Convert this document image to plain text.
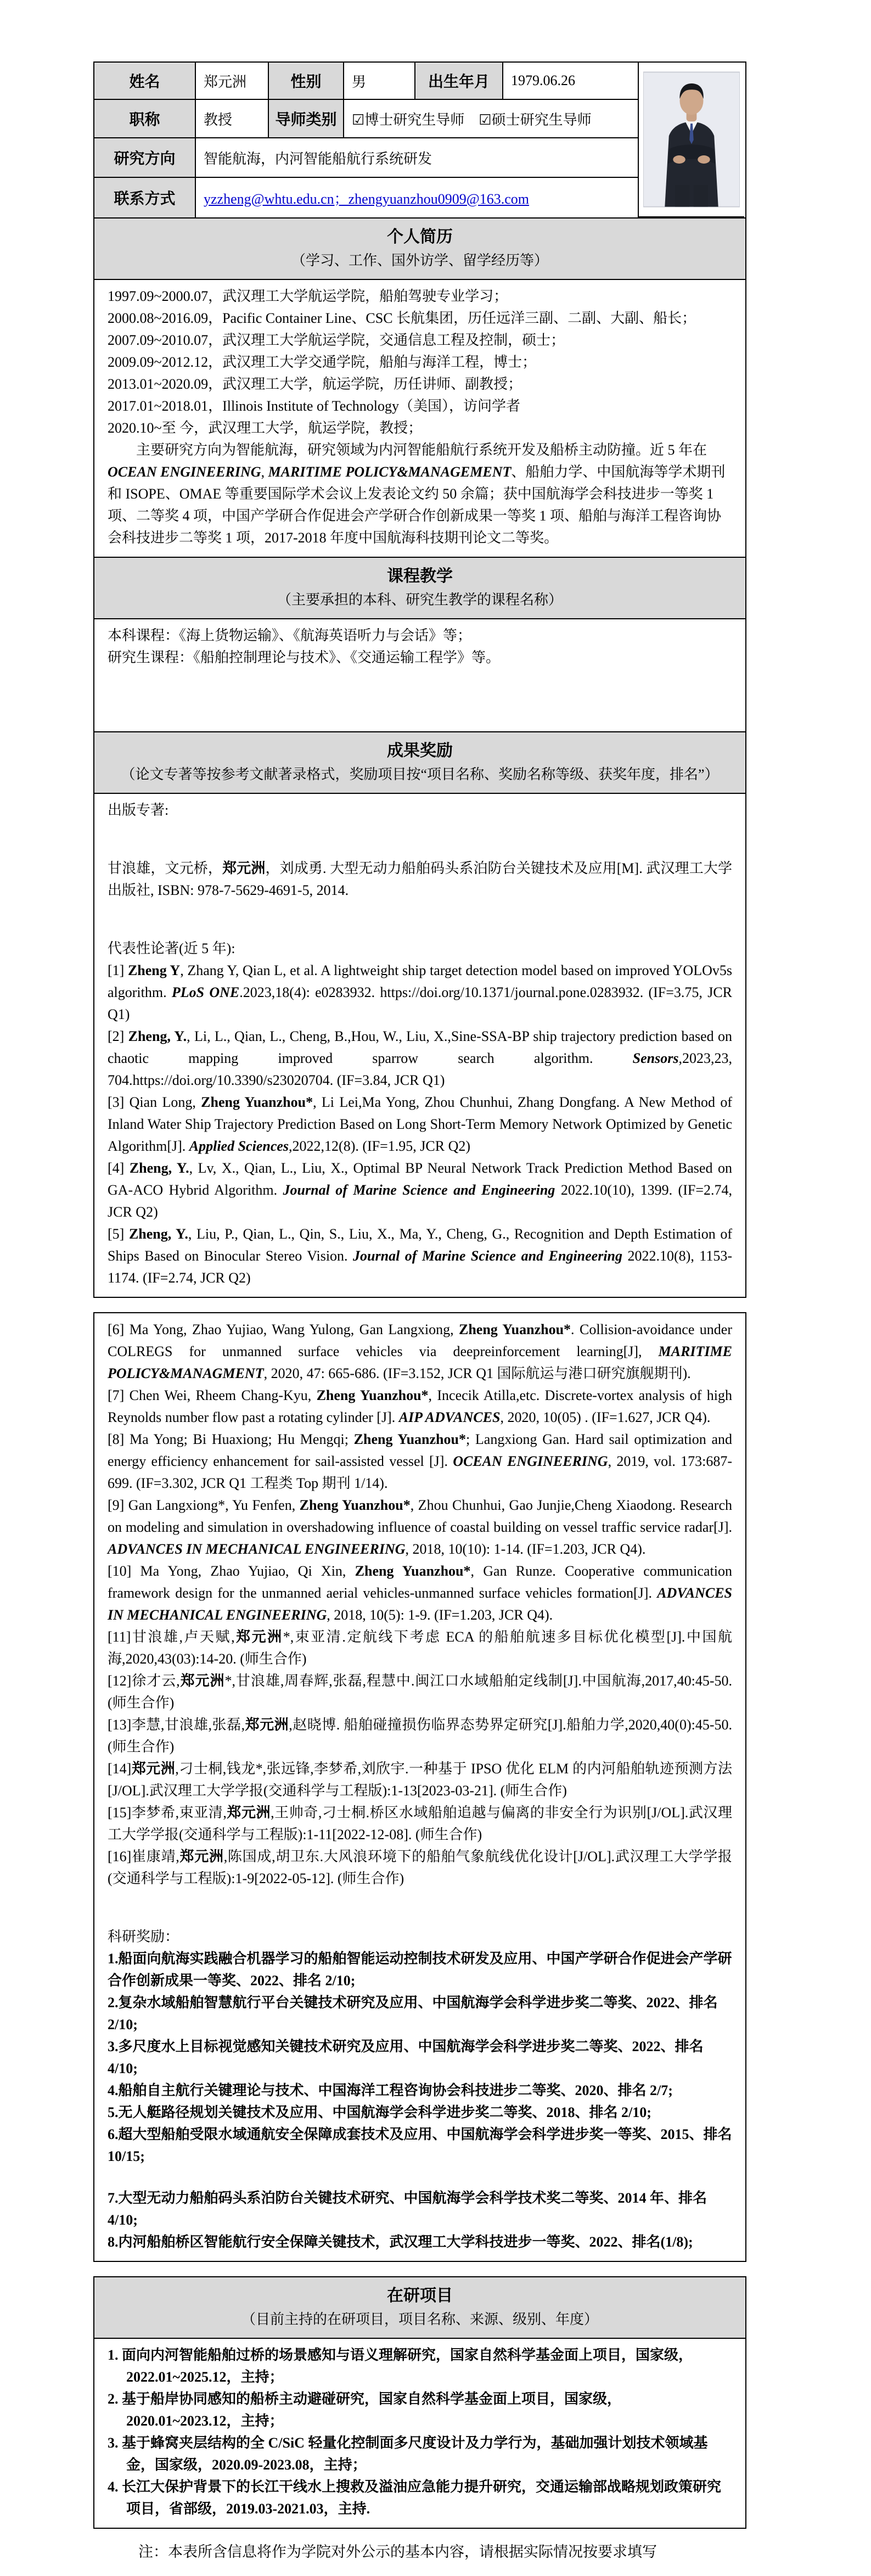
姓名	郑元洲	性别	男	出生年月	1979.06.26
职称	教授	导师类别	☑博士研究生导师　☑硕士研究生导师
研究方向	智能航海，内河智能船航行系统研发
联系方式	yzzheng@whtu.edu.cn；zhengyuanzhou0909@163.com
个人简历
（学习、工作、国外访学、留学经历等）
1997.09~2000.07，武汉理工大学航运学院，船舶驾驶专业学习；
2000.08~2016.09，Pacific Container Line、CSC 长航集团，历任远洋三副、二副、大副、船长；
2007.09~2010.07，武汉理工大学航运学院，交通信息工程及控制，硕士；
2009.09~2012.12，武汉理工大学交通学院，船舶与海洋工程，博士；
2013.01~2020.09，武汉理工大学，航运学院，历任讲师、副教授；
2017.01~2018.01，Illinois Institute of Technology（美国），访问学者
2020.10~至 今，武汉理工大学，航运学院，教授；
主要研究方向为智能航海，研究领域为内河智能船航行系统开发及船桥主动防撞。近 5 年在 OCEAN ENGINEERING, MARITIME POLICY&MANAGEMENT、船舶力学、中国航海等学术期刊和 ISOPE、OMAE 等重要国际学术会议上发表论文约 50 余篇；获中国航海学会科技进步一等奖 1 项、二等奖 4 项，中国产学研合作促进会产学研合作创新成果一等奖 1 项、船舶与海洋工程咨询协会科技进步二等奖 1 项，2017-2018 年度中国航海科技期刊论文二等奖。
课程教学
（主要承担的本科、研究生教学的课程名称）
本科课程：《海上货物运输》、《航海英语听力与会话》等；
研究生课程：《船舶控制理论与技术》、《交通运输工程学》等。
成果奖励
（论文专著等按参考文献著录格式，奖励项目按“项目名称、奖励名称等级、获奖年度，排名”）
出版专著:
甘浪雄，文元桥，郑元洲，刘成勇. 大型无动力船舶码头系泊防台关键技术及应用[M]. 武汉理工大学出版社, ISBN: 978-7-5629-4691-5, 2014.
代表性论著(近 5 年):
[1] Zheng Y, Zhang Y, Qian L, et al. A lightweight ship target detection model based on improved YOLOv5s algorithm. PLoS ONE.2023,18(4): e0283932. https://doi.org/10.1371/journal.pone.0283932. (IF=3.75, JCR Q1)
[2] Zheng, Y., Li, L., Qian, L., Cheng, B.,Hou, W., Liu, X.,Sine-SSA-BP ship trajectory prediction based on chaotic mapping improved sparrow search algorithm. Sensors,2023,23, 704.https://doi.org/10.3390/s23020704. (IF=3.84, JCR Q1)
[3] Qian Long, Zheng Yuanzhou*, Li Lei,Ma Yong, Zhou Chunhui, Zhang Dongfang. A New Method of Inland Water Ship Trajectory Prediction Based on Long Short-Term Memory Network Optimized by Genetic Algorithm[J]. Applied Sciences,2022,12(8). (IF=1.95, JCR Q2)
[4] Zheng, Y., Lv, X., Qian, L., Liu, X., Optimal BP Neural Network Track Prediction Method Based on GA-ACO Hybrid Algorithm. Journal of Marine Science and Engineering 2022.10(10), 1399. (IF=2.74, JCR Q2)
[5] Zheng, Y., Liu, P., Qian, L., Qin, S., Liu, X., Ma, Y., Cheng, G., Recognition and Depth Estimation of Ships Based on Binocular Stereo Vision. Journal of Marine Science and Engineering 2022.10(8), 1153-1174. (IF=2.74, JCR Q2)
[6] Ma Yong, Zhao Yujiao, Wang Yulong, Gan Langxiong, Zheng Yuanzhou*. Collision-avoidance under COLREGS for unmanned surface vehicles via deepreinforcement learning[J], MARITIME POLICY&MANAGMENT, 2020, 47: 665-686. (IF=3.152, JCR Q1 国际航运与港口研究旗舰期刊).
[7] Chen Wei, Rheem Chang-Kyu, Zheng Yuanzhou*, Incecik Atilla,etc. Discrete-vortex analysis of high Reynolds number flow past a rotating cylinder [J]. AIP ADVANCES, 2020, 10(05) . (IF=1.627, JCR Q4).
[8] Ma Yong; Bi Huaxiong; Hu Mengqi; Zheng Yuanzhou*; Langxiong Gan. Hard sail optimization and energy efficiency enhancement for sail-assisted vessel [J]. OCEAN ENGINEERING, 2019, vol. 173:687-699. (IF=3.302, JCR Q1 工程类 Top 期刊 1/14).
[9] Gan Langxiong*, Yu Fenfen, Zheng Yuanzhou*, Zhou Chunhui, Gao Junjie,Cheng Xiaodong. Research on modeling and simulation in overshadowing influence of coastal building on vessel traffic service radar[J]. ADVANCES IN MECHANICAL ENGINEERING, 2018, 10(10): 1-14. (IF=1.203, JCR Q4).
[10] Ma Yong, Zhao Yujiao, Qi Xin, Zheng Yuanzhou*, Gan Runze. Cooperative communication framework design for the unmanned aerial vehicles-unmanned surface vehicles formation[J]. ADVANCES IN MECHANICAL ENGINEERING, 2018, 10(5): 1-9. (IF=1.203, JCR Q4).
[11]甘浪雄,卢天赋,郑元洲*,束亚清.定航线下考虑 ECA 的船舶航速多目标优化模型[J].中国航海,2020,43(03):14-20. (师生合作)
[12]徐才云,郑元洲*,甘浪雄,周春辉,张磊,程慧中.闽江口水域船舶定线制[J].中国航海,2017,40:45-50. (师生合作)
[13]李慧,甘浪雄,张磊,郑元洲,赵晓博. 船舶碰撞损伤临界态势界定研究[J].船舶力学,2020,40(0):45-50. (师生合作)
[14]郑元洲,刁士桐,钱龙*,张远锋,李梦希,刘欣宇.一种基于 IPSO 优化 ELM 的内河船舶轨迹预测方法[J/OL].武汉理工大学学报(交通科学与工程版):1-13[2023-03-21]. (师生合作)
[15]李梦希,束亚清,郑元洲,王帅奇,刁士桐.桥区水域船舶追越与偏离的非安全行为识别[J/OL].武汉理工大学学报(交通科学与工程版):1-11[2022-12-08]. (师生合作)
[16]崔康靖,郑元洲,陈国成,胡卫东.大风浪环境下的船舶气象航线优化设计[J/OL].武汉理工大学学报(交通科学与工程版):1-9[2022-05-12]. (师生合作)
科研奖励：
1.船面向航海实践融合机器学习的船舶智能运动控制技术研发及应用、中国产学研合作促进会产学研合作创新成果一等奖、2022、排名 2/10;
2.复杂水域船舶智慧航行平台关键技术研究及应用、中国航海学会科学进步奖二等奖、2022、排名 2/10;
3.多尺度水上目标视觉感知关键技术研究及应用、中国航海学会科学进步奖二等奖、2022、排名 4/10;
4.船舶自主航行关键理论与技术、中国海洋工程咨询协会科技进步二等奖、2020、排名 2/7;
5.无人艇路径规划关键技术及应用、中国航海学会科学进步奖二等奖、2018、排名 2/10;
6.超大型船舶受限水域通航安全保障成套技术及应用、中国航海学会科学进步奖一等奖、2015、排名 10/15;
7.大型无动力船舶码头系泊防台关键技术研究、中国航海学会科学技术奖二等奖、2014 年、排名 4/10;
8.内河船舶桥区智能航行安全保障关键技术，武汉理工大学科技进步一等奖、2022、排名(1/8);
在研项目
（目前主持的在研项目，项目名称、来源、级别、年度）
1. 面向内河智能船舶过桥的场景感知与语义理解研究，国家自然科学基金面上项目，国家级，2022.01~2025.12，主持；
2. 基于船岸协同感知的船桥主动避碰研究，国家自然科学基金面上项目，国家级，2020.01~2023.12，主持；
3. 基于蜂窝夹层结构的全 C/SiC 轻量化控制面多尺度设计及力学行为，基础加强计划技术领域基金，国家级，2020.09-2023.08，主持；
4. 长江大保护背景下的长江干线水上搜救及溢油应急能力提升研究，交通运输部战略规划政策研究项目，省部级，2019.03-2021.03，主持.
注：本表所含信息将作为学院对外公示的基本内容，请根据实际情况按要求填写
